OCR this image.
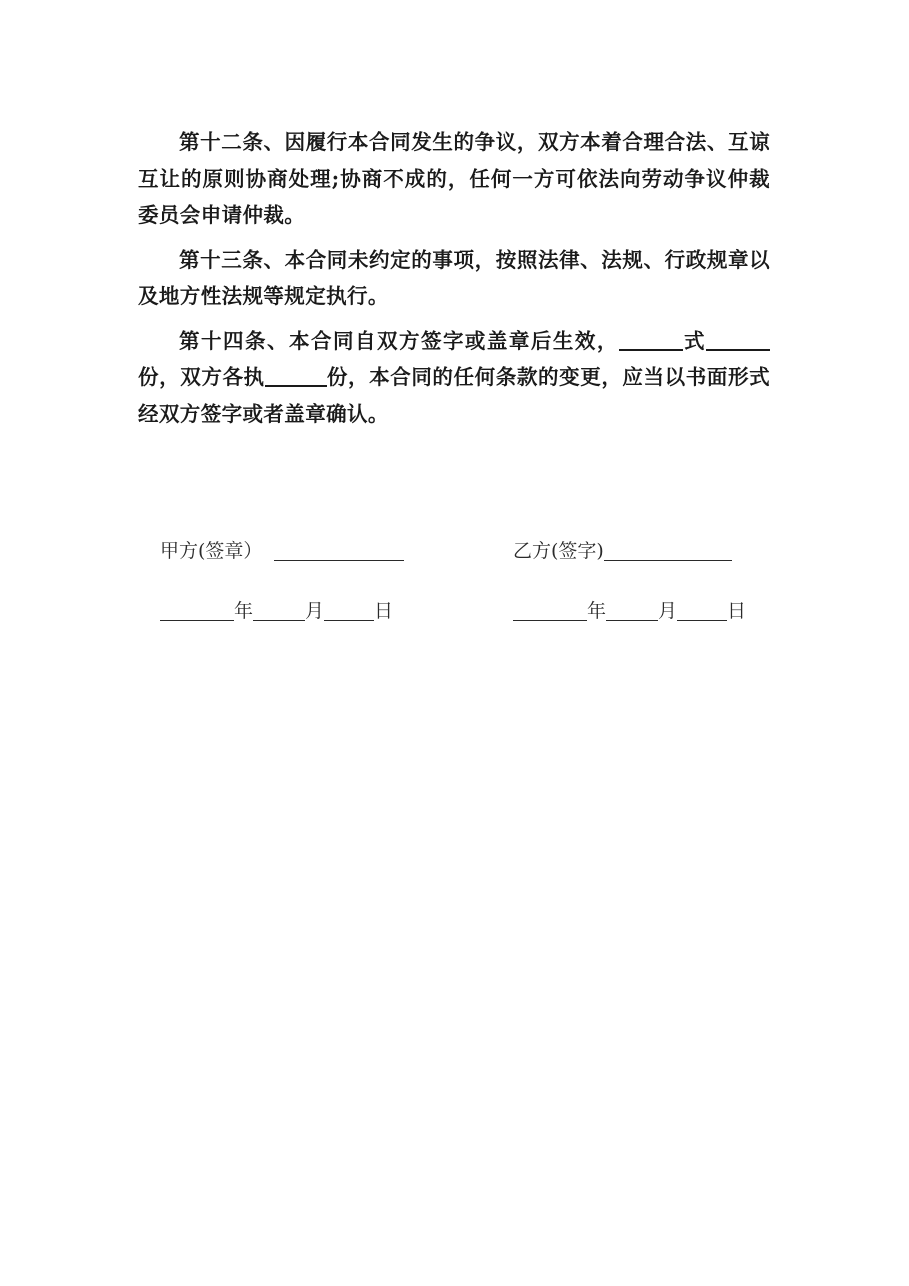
第十二条、因履行本合同发生的争议，双方本着合理合法、互谅互让的原则协商处理;协商不成的，任何一方可依法向劳动争议仲裁委员会申请仲裁。

第十三条、本合同未约定的事项，按照法律、法规、行政规章以及地方性法规等规定执行。

第十四条、本合同自双方签字或盖章后生效，	式份，双方各执	份，本合同的任何条款的变更，应当以书面形式经双方签字或者盖章确认。

甲方(签章）	乙方(签字)
年	月	日	年	月	日
